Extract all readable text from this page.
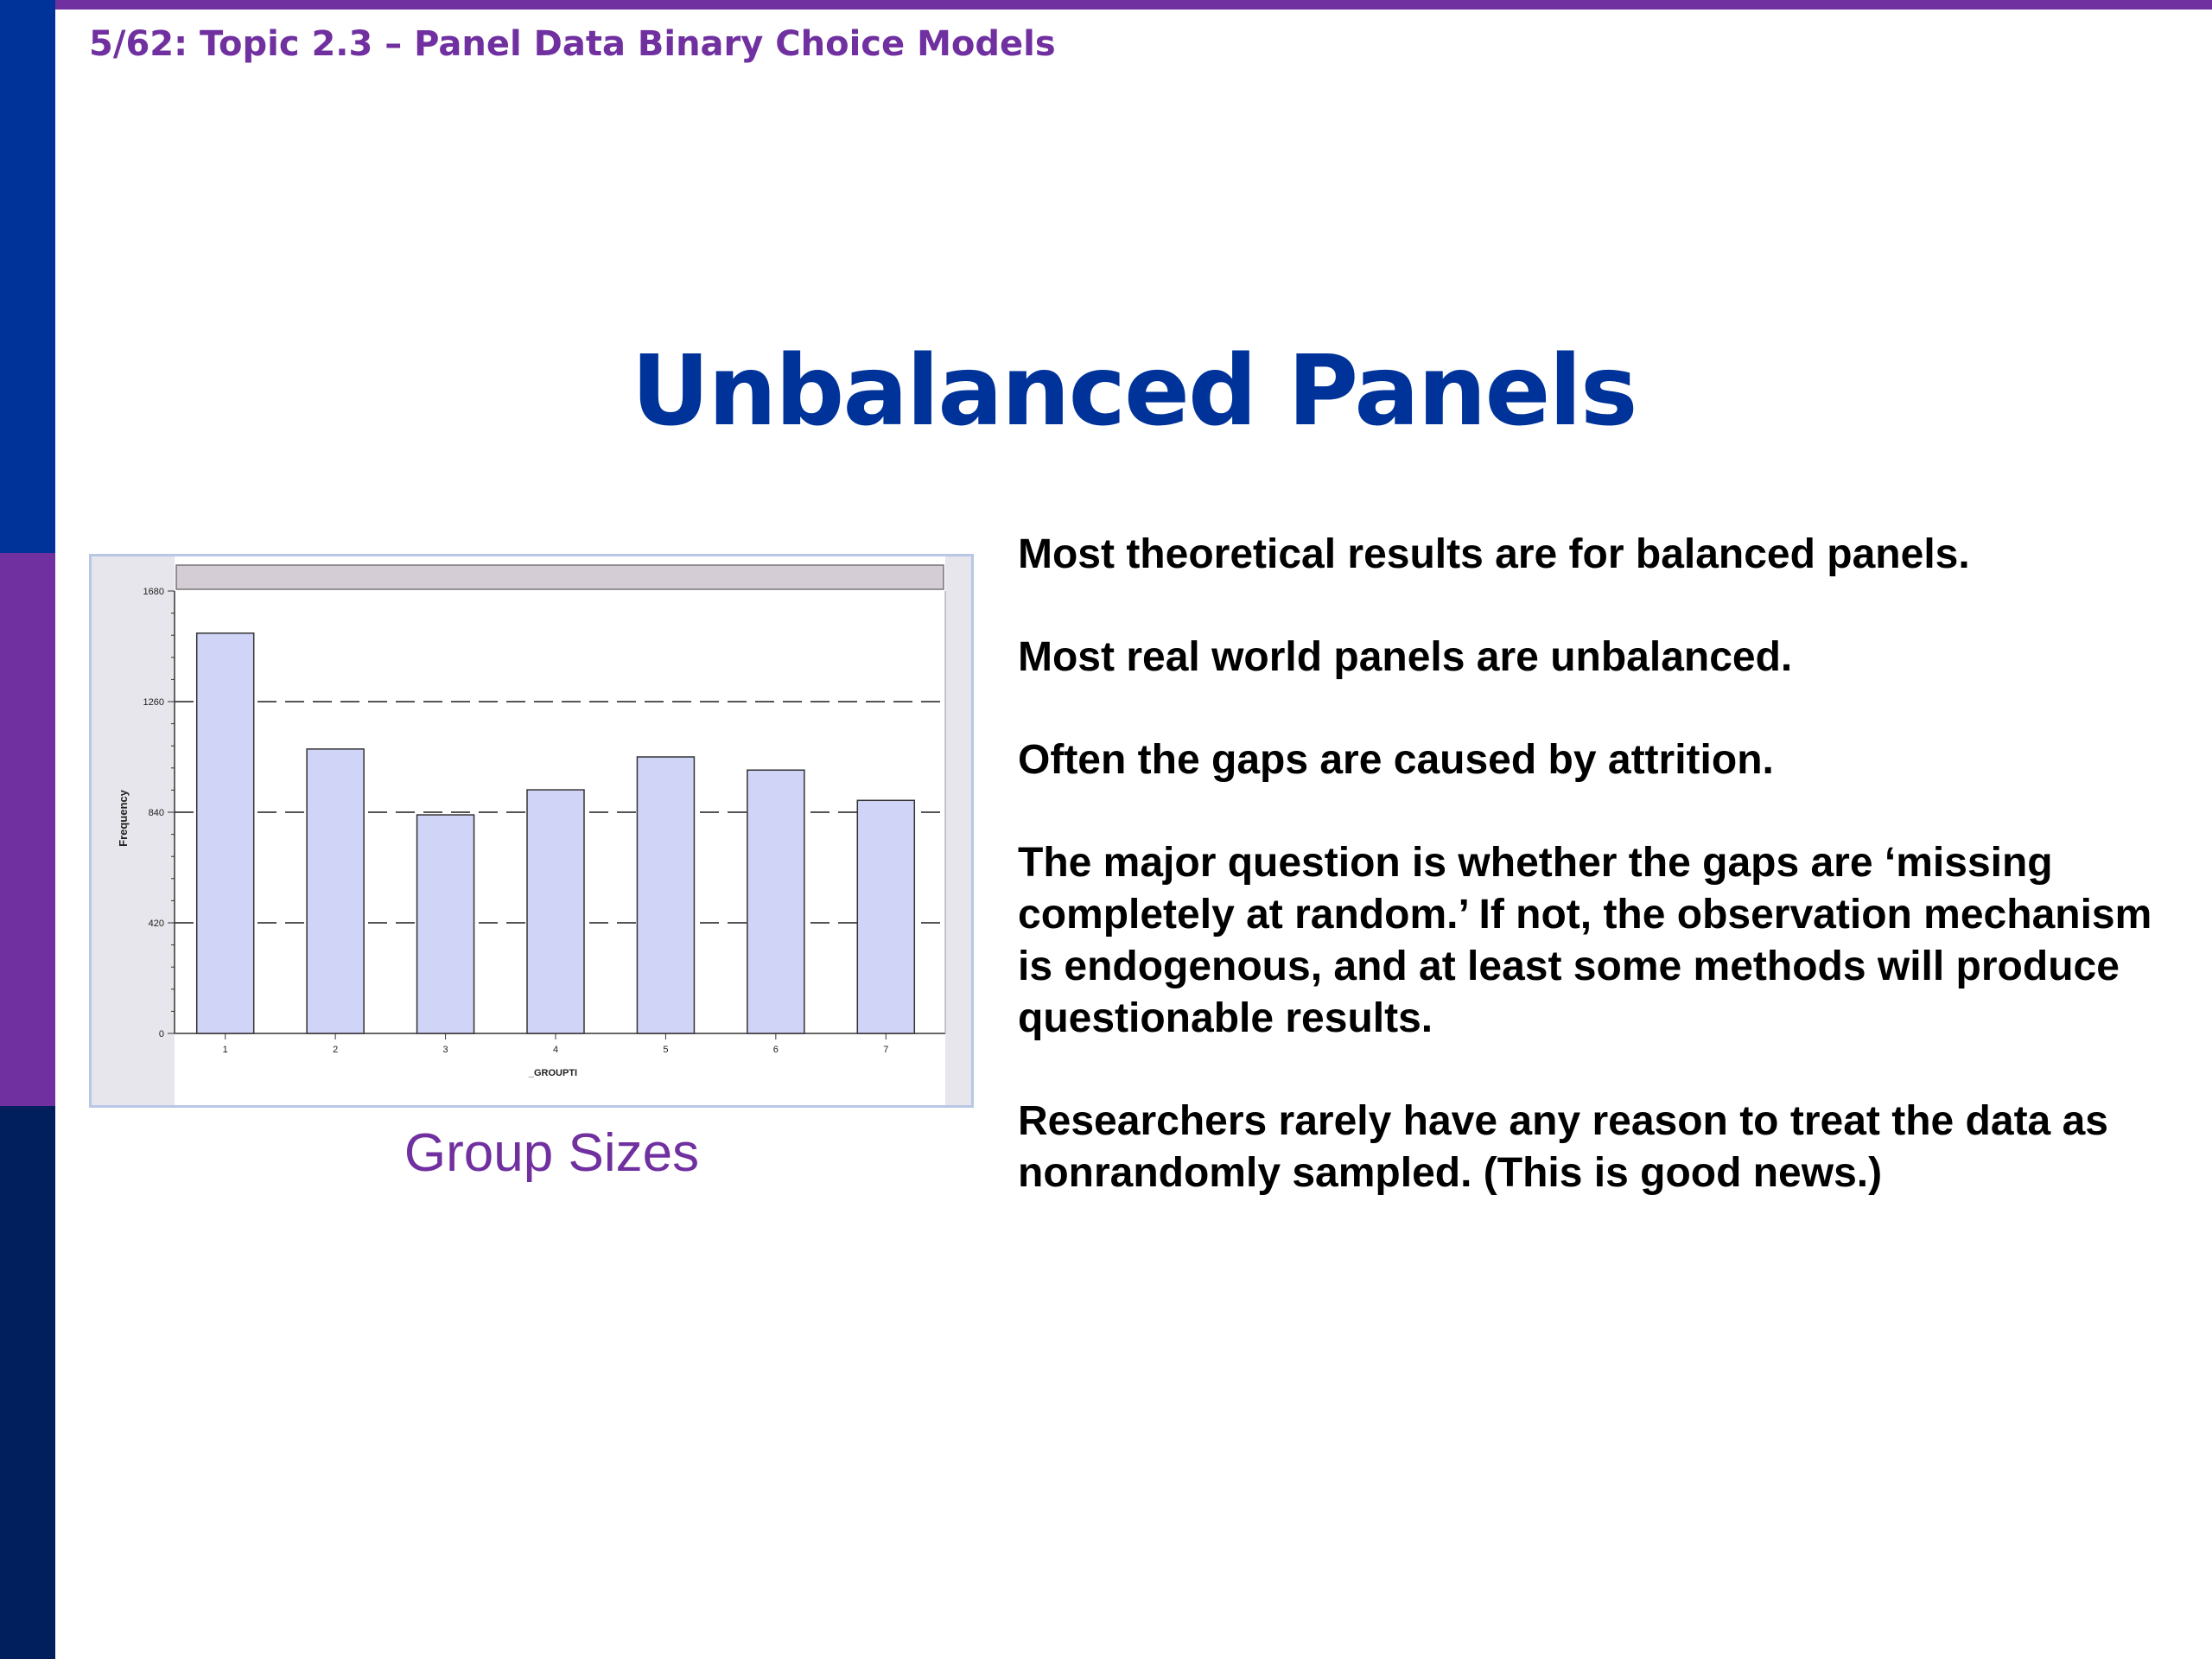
5/62: Topic 2.3 – Panel Data Binary Choice Models
Unbalanced Panels
0
420
840
1260
1680
1	2	3	4	5	6	7
_GROUPTI
Frequency
Group Sizes

Most theoretical results are for balanced panels.

Most real world panels are unbalanced.

Often the gaps are caused by attrition.

The major question is whether the gaps are ‘missing completely at random.’ If not, the observation mechanism is endogenous, and at least some methods will produce questionable results.

Researchers rarely have any reason to treat the data as nonrandomly sampled. (This is good news.)
